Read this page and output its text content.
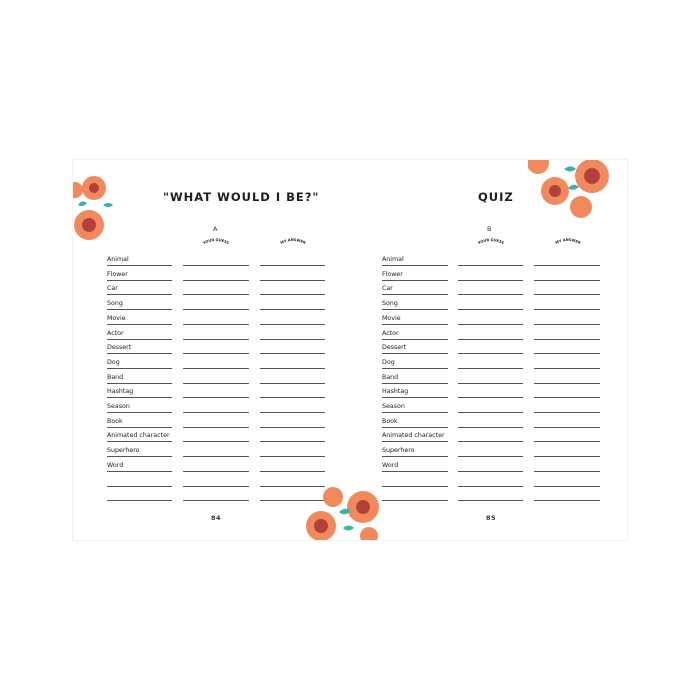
"WHAT WOULD I BE?"	QUIZ
A	B
YOUR GUESS	MY ANSWER	YOUR GUESS	MY ANSWER
Animal
Flower
Car
Song
Movie
Actor
Dessert
Dog
Band
Hashtag
Season
Book
Animated character
Superhero
Word
Animal
Flower
Car
Song
Movie
Actor
Dessert
Dog
Band
Hashtag
Season
Book
Animated character
Superhero
Word
84	85
